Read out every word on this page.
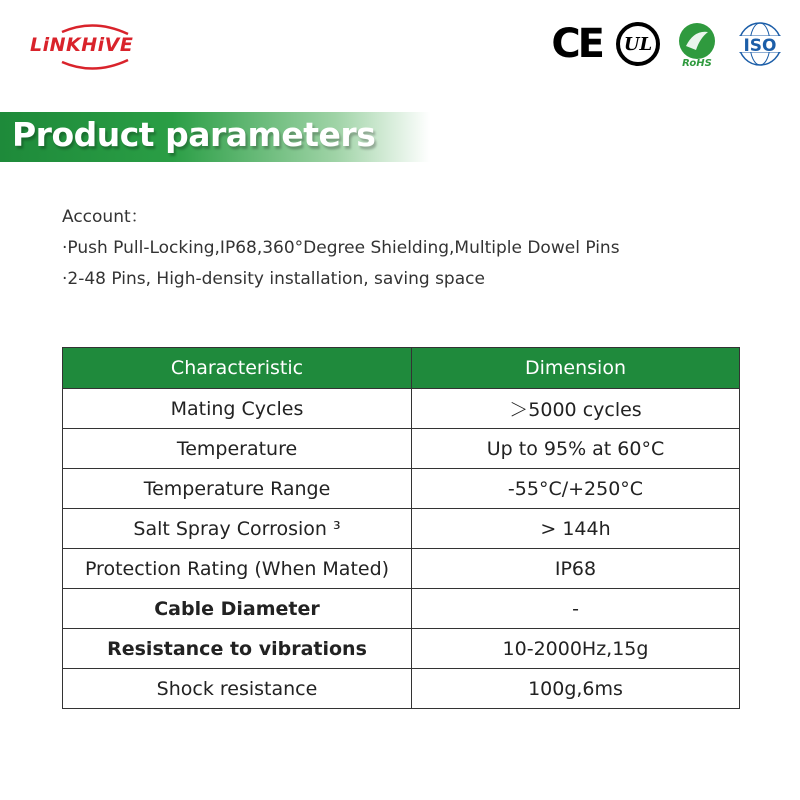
LiNKHiVE	CE	UL
RoHS
ISO
Product parameters
Account：
·Push Pull-Locking,IP68,360°Degree Shielding,Multiple Dowel Pins
·2-48 Pins, High-density installation, saving space
Characteristic	Dimension
Mating Cycles	＞5000 cycles
Temperature	Up to 95% at 60°C
Temperature Range	-55°C/+250°C
Salt Spray Corrosion ³	> 144h
Protection Rating (When Mated)	IP68
Cable Diameter	-
Resistance to vibrations	10-2000Hz,15g
Shock resistance	100g,6ms
